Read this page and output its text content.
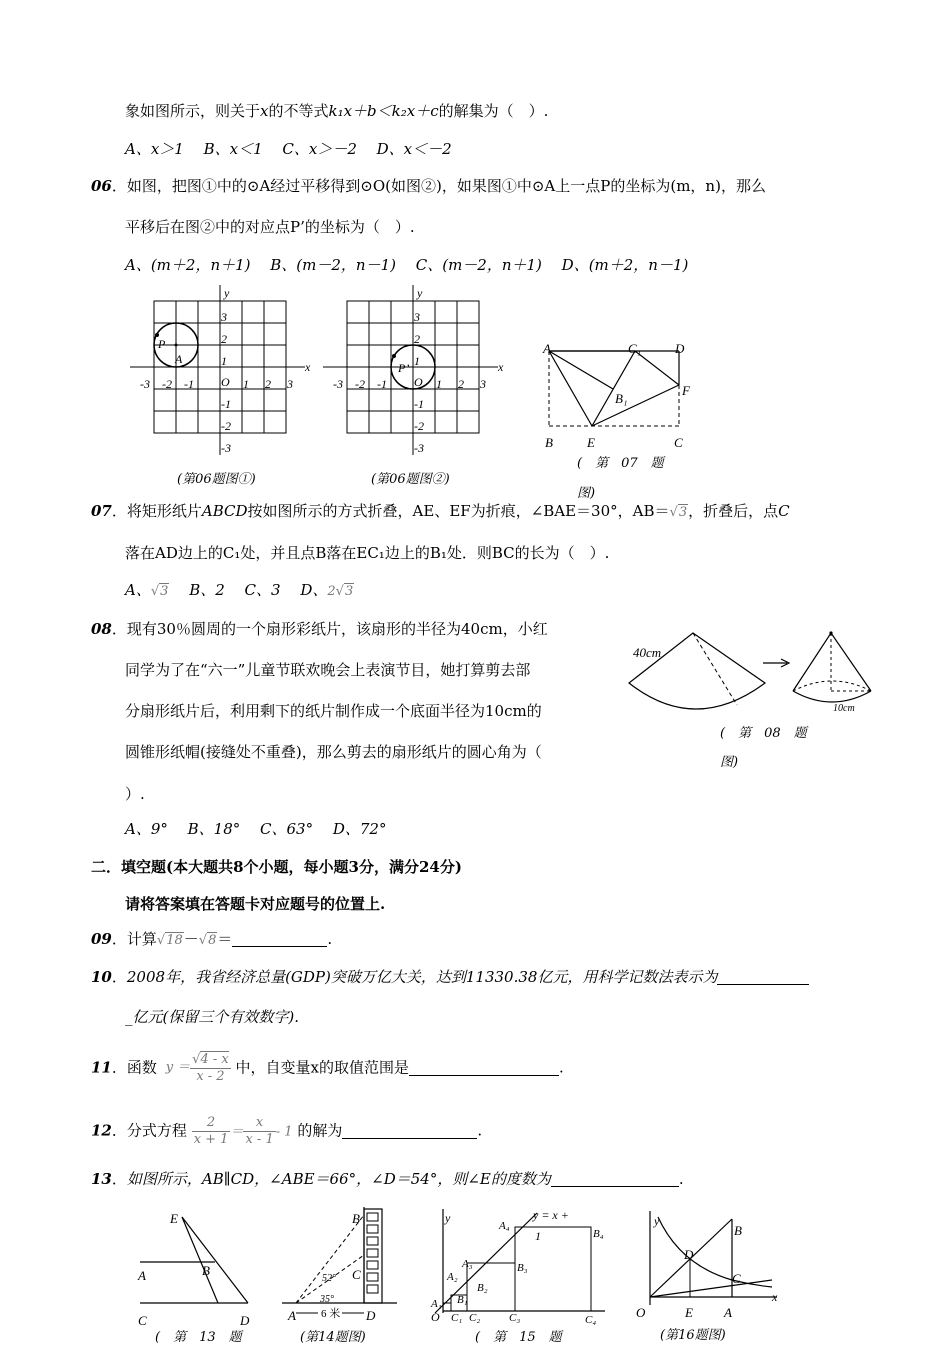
象如图所示，则关于x的不等式k₁x＋b＜k₂x＋c的解集为（　）.
A、x＞1　 B、x＜1　 C、x＞－2　 D、x＜－2
06．如图，把图①中的⊙A经过平移得到⊙O(如图②)，如果图①中⊙A上一点P的坐标为(m，n)，那么
平移后在图②中的对应点P’的坐标为（　）.
A、(m＋2，n＋1)　 B、(m－2，n－1)　 C、(m－2，n＋1)　 D、(m＋2，n－1)
x
y
O
-3 -2 -1	1 2 3
3
2
1
-1
-2
-3
P
A
(第06题图①)
x
y
O
-3 -2 -1	1 2 3
3
2
1
-1
-2
-3
P’
(第06题图②)
A	C₁	D
B₁
F
B	E	C
(　第　07　题
图)
07．将矩形纸片ABCD按如图所示的方式折叠，AE、EF为折痕，∠BAE＝30°，AB＝√3，折叠后，点C
落在AD边上的C₁处，并且点B落在EC₁边上的B₁处．则BC的长为（　）.
A、√3　 B、2　 C、3　 D、2√3
08．现有30％圆周的一个扇形彩纸片，该扇形的半径为40cm，小红
同学为了在“六一”儿童节联欢晚会上表演节目，她打算剪去部
分扇形纸片后，利用剩下的纸片制作成一个底面半径为10cm的
圆锥形纸帽(接缝处不重叠)，那么剪去的扇形纸片的圆心角为（
）.
A、9°　 B、18°　 C、63°　 D、72°
40cm
10cm
(　第　08　题
图)
二．填空题(本大题共8个小题，每小题3分，满分24分)
请将答案填在答题卡对应题号的位置上.
09．计算√18－√8＝	.
10．2008年，我省经济总量(GDP)突破万亿大关，达到11330.38亿元，用科学记数法表示为
_亿元(保留三个有效数字).
11．函数 $y = \frac{√4 - x}{x - 2}$ 中，自变量x的取值范围是	.
12．分式方程 $\frac{2}{x + 1} = \frac{x}{x - 1} - 1$ 的解为	.
13．如图所示，AB∥CD，∠ABE＝66°，∠D＝54°，则∠E的度数为	.
E
A	B
C	D
(　第　13　题
B
C
52°
35°
A 6 米 D
(第14题图)
y
O
y = x +
1
A₁
A₂
A₃
A₄
B₁
B₂
B₃
B₄
C₁ C₂	C₃	C₄
(　第　15　题
y
x
O	E A
B
D
C
(第16题图)
